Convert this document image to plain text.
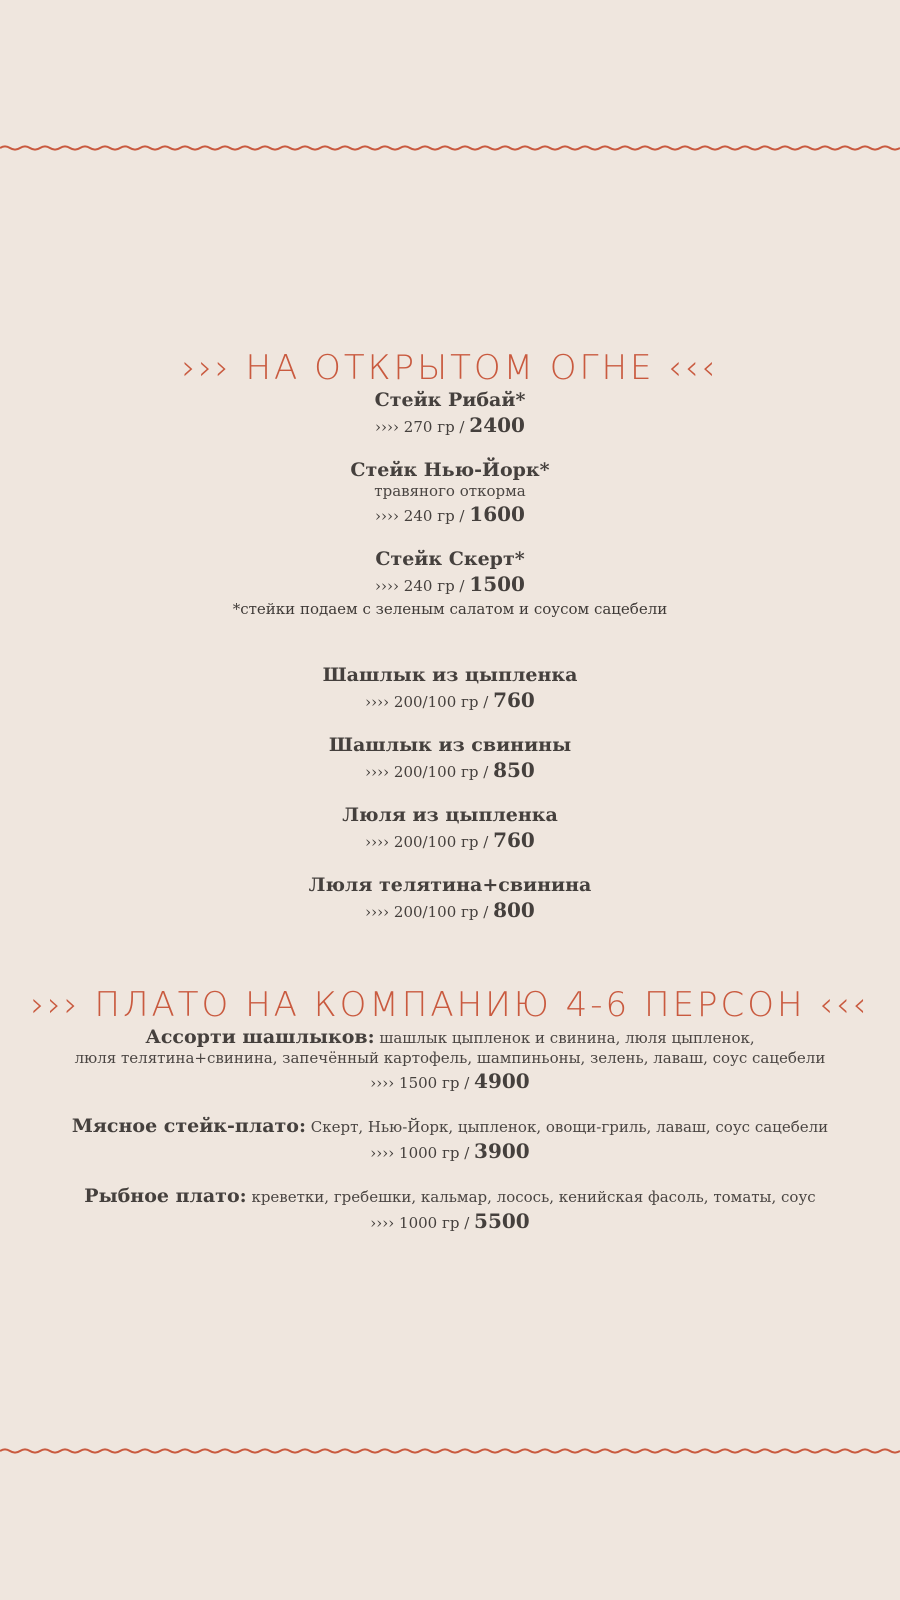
››› НА ОТКРЫТОМ ОГНЕ ‹‹‹
Стейк Рибай*
›››› 270 гр / 2400
Стейк Нью-Йорк*
травяного откорма
›››› 240 гр / 1600
Стейк Скерт*
›››› 240 гр / 1500
*стейки подаем с зеленым салатом и соусом сацебели
Шашлык из цыпленка
›››› 200/100 гр / 760
Шашлык из свинины
›››› 200/100 гр / 850
Люля из цыпленка
›››› 200/100 гр / 760
Люля телятина+свинина
›››› 200/100 гр / 800
››› ПЛАТО НА КОМПАНИЮ 4-6 ПЕРСОН ‹‹‹
Ассорти шашлыков: шашлык цыпленок и свинина, люля цыпленок,
люля телятина+свинина, запечённый картофель, шампиньоны, зелень, лаваш, соус сацебели
›››› 1500 гр / 4900
Мясное стейк-плато: Скерт, Нью-Йорк, цыпленок, овощи-гриль, лаваш, соус сацебели
›››› 1000 гр / 3900
Рыбное плато: креветки, гребешки, кальмар, лосось, кенийская фасоль, томаты, соус
›››› 1000 гр / 5500
